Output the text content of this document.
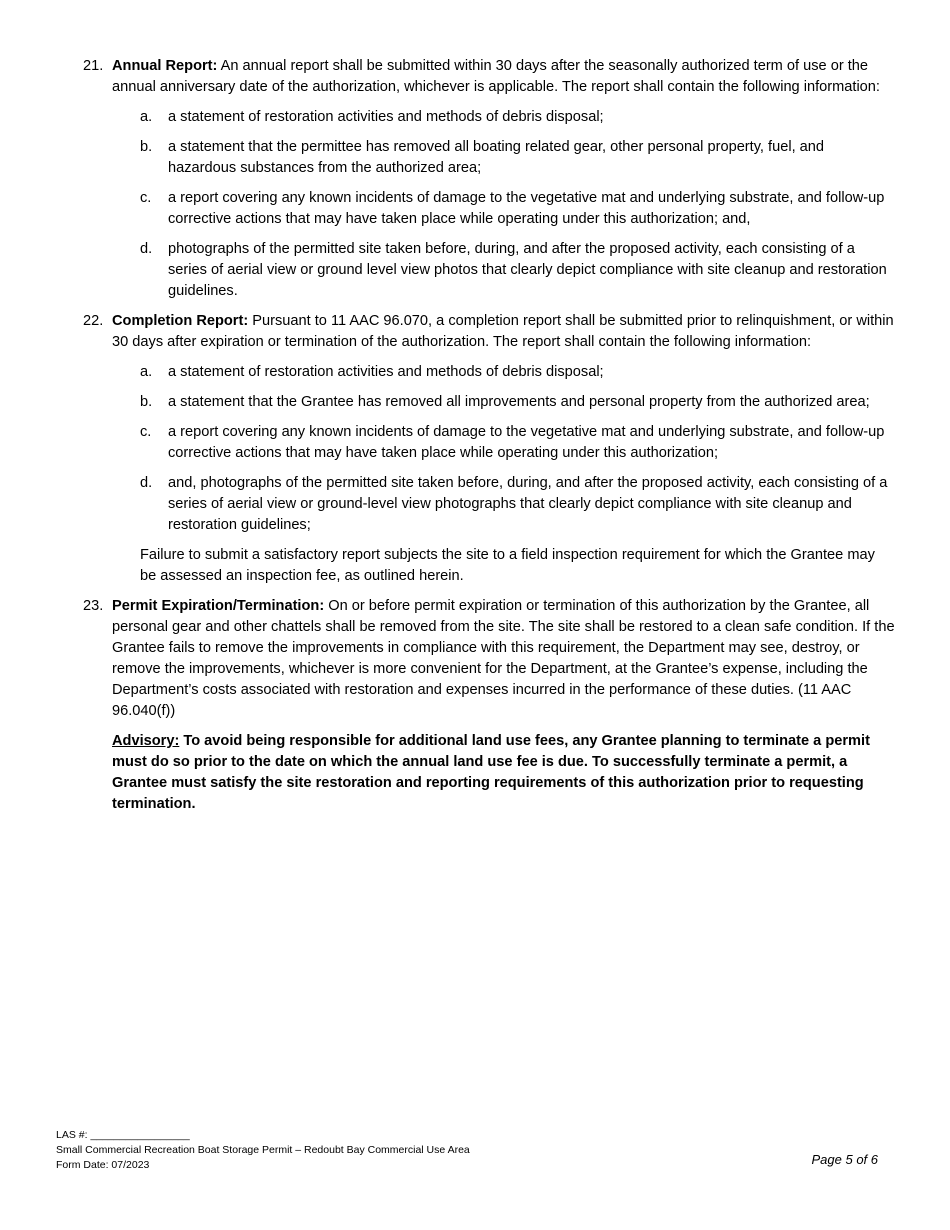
21. Annual Report: An annual report shall be submitted within 30 days after the seasonally authorized term of use or the annual anniversary date of the authorization, whichever is applicable. The report shall contain the following information:
a. a statement of restoration activities and methods of debris disposal;
b. a statement that the permittee has removed all boating related gear, other personal property, fuel, and hazardous substances from the authorized area;
c. a report covering any known incidents of damage to the vegetative mat and underlying substrate, and follow-up corrective actions that may have taken place while operating under this authorization; and,
d. photographs of the permitted site taken before, during, and after the proposed activity, each consisting of a series of aerial view or ground level view photos that clearly depict compliance with site cleanup and restoration guidelines.
22. Completion Report: Pursuant to 11 AAC 96.070, a completion report shall be submitted prior to relinquishment, or within 30 days after expiration or termination of the authorization. The report shall contain the following information:
a. a statement of restoration activities and methods of debris disposal;
b. a statement that the Grantee has removed all improvements and personal property from the authorized area;
c. a report covering any known incidents of damage to the vegetative mat and underlying substrate, and follow-up corrective actions that may have taken place while operating under this authorization;
d. and, photographs of the permitted site taken before, during, and after the proposed activity, each consisting of a series of aerial view or ground-level view photographs that clearly depict compliance with site cleanup and restoration guidelines;
Failure to submit a satisfactory report subjects the site to a field inspection requirement for which the Grantee may be assessed an inspection fee, as outlined herein.
23. Permit Expiration/Termination: On or before permit expiration or termination of this authorization by the Grantee, all personal gear and other chattels shall be removed from the site. The site shall be restored to a clean safe condition. If the Grantee fails to remove the improvements in compliance with this requirement, the Department may see, destroy, or remove the improvements, whichever is more convenient for the Department, at the Grantee’s expense, including the Department’s costs associated with restoration and expenses incurred in the performance of these duties. (11 AAC 96.040(f))
Advisory: To avoid being responsible for additional land use fees, any Grantee planning to terminate a permit must do so prior to the date on which the annual land use fee is due. To successfully terminate a permit, a Grantee must satisfy the site restoration and reporting requirements of this authorization prior to requesting termination.
LAS #: _________________
Small Commercial Recreation Boat Storage Permit – Redoubt Bay Commercial Use Area
Form Date: 07/2023	Page 5 of 6
